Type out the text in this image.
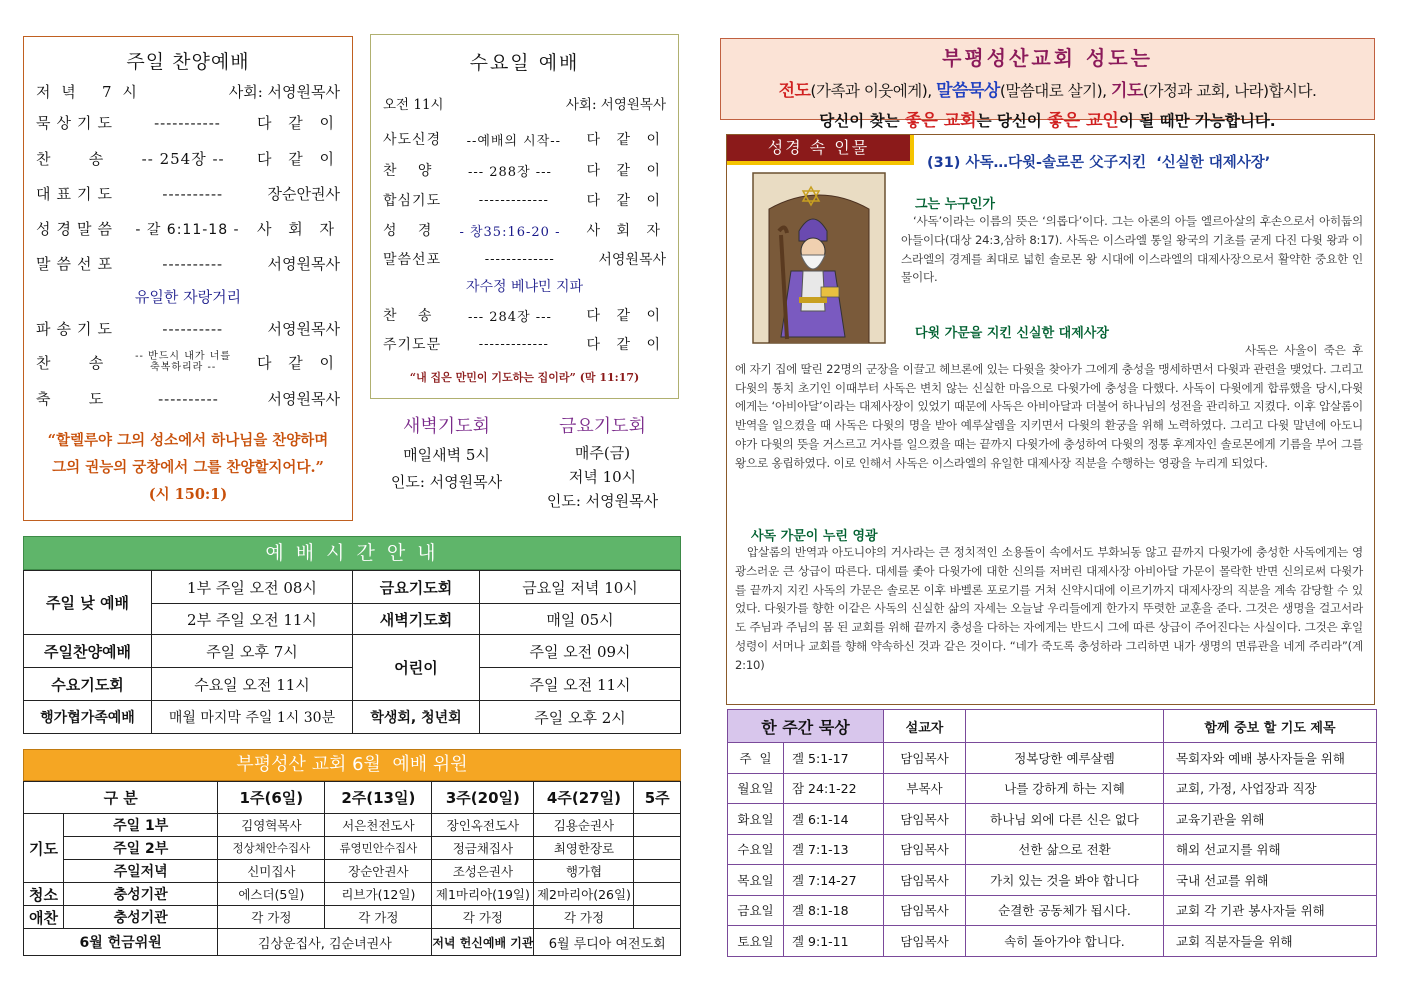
주일 찬양예배
저 녁   7 시	사회: 서영원목사
묵상기도	-----------	다 같 이
찬   송	-- 254장 --	다 같 이
대표기도	----------	장순안권사
성경말씀	- 갈 6:11-18 -	사 회 자
말씀선포	----------	서영원목사
유일한 자랑거리
파송기도	----------	서영원목사
찬   송	-- 반드시 내가 너를 축복하리라 --	다 같 이
축   도	----------	서영원목사
“할렐루야 그의 성소에서 하나님을 찬양하며 그의 권능의 궁창에서 그를 찬양할지어다.” (시 150:1)
수요일 예배
오전 11시	사회: 서영원목사
사도신경	--예배의 시작--	다 같 이
찬   양	--- 288장 ---	다 같 이
합심기도	-------------	다 같 이
성   경	- 창35:16-20 -	사 회 자
말씀선포	-------------	서영원목사
자수정 베냐민 지파
찬   송	--- 284장 ---	다 같 이
주기도문	-------------	다 같 이
“내 집은 만민이 기도하는 집이라” (막 11:17)
새벽기도회
매일새벽 5시
인도: 서영원목사
금요기도회
매주(금)
저녁 10시
인도: 서영원목사
예 배 시 간 안 내
주일 낮 예배	1부 주일 오전 08시	금요기도회	금요일 저녁 10시
	2부 주일 오전 11시	새벽기도회	매일 05시
주일찬양예배	주일 오후 7시	어린이	주일 오전 09시
수요기도회	수요일 오전 11시		주일 오전 11시
행가협가족예배	매월 마지막 주일 1시 30분	학생회, 청년회	주일 오후 2시
부평성산 교회 6월  예배 위원
구 분		1주(6일)	2주(13일)	3주(20일)	4주(27일)	5주
기도	주일 1부	김영혁목사	서은천전도사	장인옥전도사	김용순권사	
	주일 2부	정상채안수집사	류영민안수집사	정금채집사	최영한장로	
	주일저녁	신미집사	장순안권사	조성은권사	행가협	
청소	충성기관	에스더(5일)	리브가(12일)	제1마리아(19일)	제2마리아(26일)	
애찬	충성기관	각 가정	각 가정	각 가정	각 가정	
6월 헌금위원		김상운집사, 김순녀권사		저녁 헌신예배 기관	6월 루디아 여전도회	
부평성산교회 성도는
전도(가족과 이웃에게), 말씀묵상(말씀대로 살기), 기도(가정과 교회, 나라)합시다.
당신이 찾는 좋은 교회는 당신이 좋은 교인이 될 때만 가능합니다.
성경 속 인물
(31) 사독…다윗-솔로몬 父子지킨  ‘신실한 대제사장’
그는 누구인가
‘사독’이라는 이름의 뜻은 ‘의롭다’이다. 그는 아론의 아들 엘르아살의 후손으로서 아히둡의 아들이다(대상 24:3,삼하 8:17). 사독은 이스라엘 통일 왕국의 기초를 굳게 다진 다윗 왕과 이스라엘의 경계를 최대로 넓힌 솔로몬 왕 시대에 이스라엘의 대제사장으로서 활약한 중요한 인물이다.
다윗 가문을 지킨 신실한 대제사장
사독은 사울이 죽은 후에 자기 집에 딸린 22명의 군장을 이끌고 헤브론에 있는 다윗을 찾아가 그에게 충성을 맹세하면서 다윗과 관련을 맺었다. 그리고 다윗의 통치 초기인 이때부터 사독은 변치 않는 신실한 마음으로 다윗가에 충성을 다했다. 사독이 다윗에게 합류했을 당시,다윗에게는 ‘아비아달’이라는 대제사장이 있었기 때문에 사독은 아비아달과 더불어 하나님의 성전을 관리하고 지켰다. 이후 압살롬이 반역을 일으켰을 때 사독은 다윗의 명을 받아 예루살렘을 지키면서 다윗의 환궁을 위해 노력하였다. 그리고 다윗 말년에 아도니야가 다윗의 뜻을 거스르고 거사를 일으켰을 때는 끝까지 다윗가에 충성하여 다윗의 정통 후계자인 솔로몬에게 기름을 부어 그를 왕으로 옹립하였다. 이로 인해서 사독은 이스라엘의 유일한 대제사장 직분을 수행하는 영광을 누리게 되었다.
사독 가문이 누린 영광
압살롬의 반역과 아도니야의 거사라는 큰 정치적인 소용돌이 속에서도 부화뇌동 않고 끝까지 다윗가에 충성한 사독에게는 영광스러운 큰 상급이 따른다. 대세를 좇아 다윗가에 대한 신의를 저버린 대제사장 아비아달 가문이 몰락한 반면 신의로써 다윗가를 끝까지 지킨 사독의 가문은 솔로몬 이후 바벨론 포로기를 거쳐 신약시대에 이르기까지 대제사장의 직분을 계속 감당할 수 있었다. 다윗가를 향한 이같은 사독의 신실한 삶의 자세는 오늘날 우리들에게 한가지 뚜렷한 교훈을 준다. 그것은 생명을 걸고서라도 주님과 주님의 몸 된 교회를 위해 끝까지 충성을 다하는 자에게는 반드시 그에 따른 상급이 주어진다는 사실이다. 그것은 후일 성령이 서머나 교회를 향해 약속하신 것과 같은 것이다. “네가 죽도록 충성하라 그리하면 내가 생명의 면류관을 네게 주리라”(계 2:10)
한 주간 묵상		설교자		함께 중보 할 기도 제목
주  일	겔 5:1-17	담임목사	정복당한 예루살렘	목회자와 예배 봉사자들을 위해
월요일	잠 24:1-22	부목사	나를 강하게 하는 지혜	교회, 가정, 사업장과 직장
화요일	겔 6:1-14	담임목사	하나님 외에 다른 신은 없다	교육기관을 위해
수요일	겔 7:1-13	담임목사	선한 삶으로 전환	해외 선교지를 위해
목요일	겔 7:14-27	담임목사	가치 있는 것을 봐야 합니다	국내 선교를 위해
금요일	겔 8:1-18	담임목사	순결한 공동체가 됩시다.	교회 각 기관 봉사자들 위해
토요일	겔 9:1-11	담임목사	속히 돌아가야 합니다.	교회 직분자들을 위해
